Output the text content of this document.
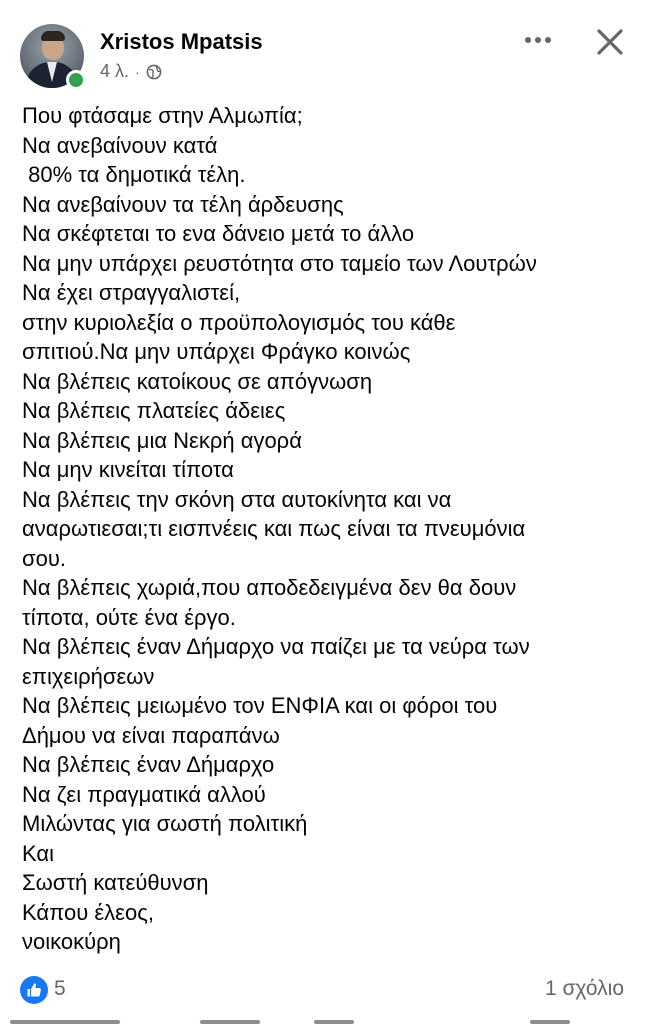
Xristos Mpatsis
4 λ. ·
Που φτάσαμε στην Αλμωπία;
Να ανεβαίνουν κατά
80% τα δημοτικά τέλη.
Να ανεβαίνουν τα τέλη άρδευσης
Να σκέφτεται το ενα δάνειο μετά το άλλο
Να μην υπάρχει ρευστότητα στο ταμείο των Λουτρών
Να έχει στραγγαλιστεί,
στην κυριολεξία ο προϋπολογισμός του κάθε
σπιτιού.Να μην υπάρχει Φράγκο κοινώς
Να βλέπεις κατοίκους σε απόγνωση
Να βλέπεις πλατείες άδειες
Να βλέπεις μια Νεκρή αγορά
Να μην κινείται τίποτα
Να βλέπεις την σκόνη στα αυτοκίνητα και να
αναρωτιεσαι;τι εισπνέεις και πως είναι τα πνευμόνια
σου.
Να βλέπεις χωριά,που αποδεδειγμένα δεν θα δουν
τίποτα, ούτε ένα έργο.
Να βλέπεις έναν Δήμαρχο να παίζει με τα νεύρα των
επιχειρήσεων
Να βλέπεις μειωμένο τον ΕΝΦΙΑ και οι φόροι του
Δήμου να είναι παραπάνω
Να βλέπεις έναν Δήμαρχο
Να ζει πραγματικά αλλού
Μιλώντας για σωστή πολιτική
Και
Σωστή κατεύθυνση
Κάπου έλεος,
νοικοκύρη
5	1 σχόλιο
